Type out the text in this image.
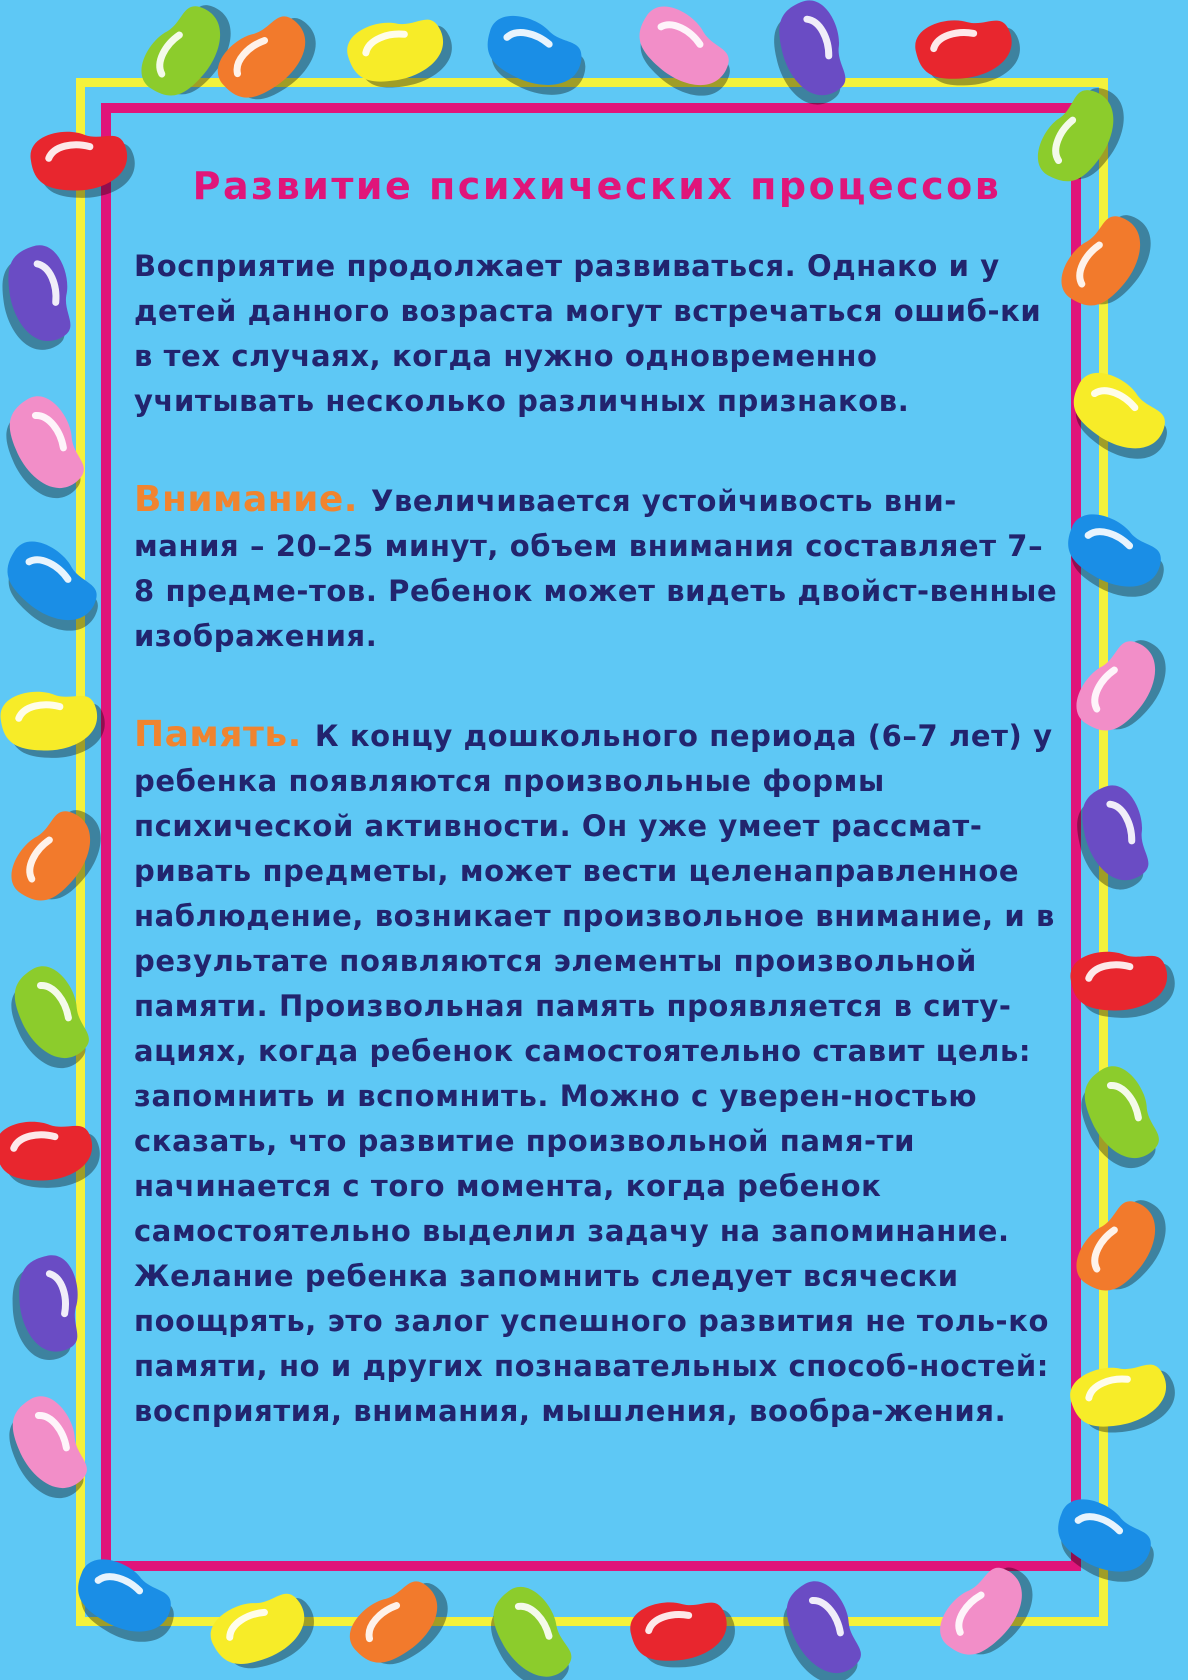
Развитие психических процессов
Восприятие продолжает развиваться. Однако и у детей данного возраста могут встречаться ошиб-ки в тех случаях, когда нужно одновременно учитывать несколько различных признаков.
Внимание. Увеличивается устойчивость вни-мания – 20–25 минут, объем внимания составляет 7–8 предме-тов. Ребенок может видеть двойст-венные изображения.
Память. К концу дошкольного периода (6–7 лет) у ребенка появляются произвольные формы психической активности. Он уже умеет рассмат-ривать предметы, может вести целенаправленное наблюдение, возникает произвольное внимание, и в результате появляются элементы произвольной памяти. Произвольная память проявляется в ситу-ациях, когда ребенок самостоятельно ставит цель: запомнить и вспомнить. Можно с уверен-ностью сказать, что развитие произвольной памя-ти начинается с того момента, когда ребенок самостоятельно выделил задачу на запоминание. Желание ребенка запомнить следует всячески поощрять, это залог успешного развития не толь-ко памяти, но и других познавательных способ-ностей: восприятия, внимания, мышления, вообра-жения.
